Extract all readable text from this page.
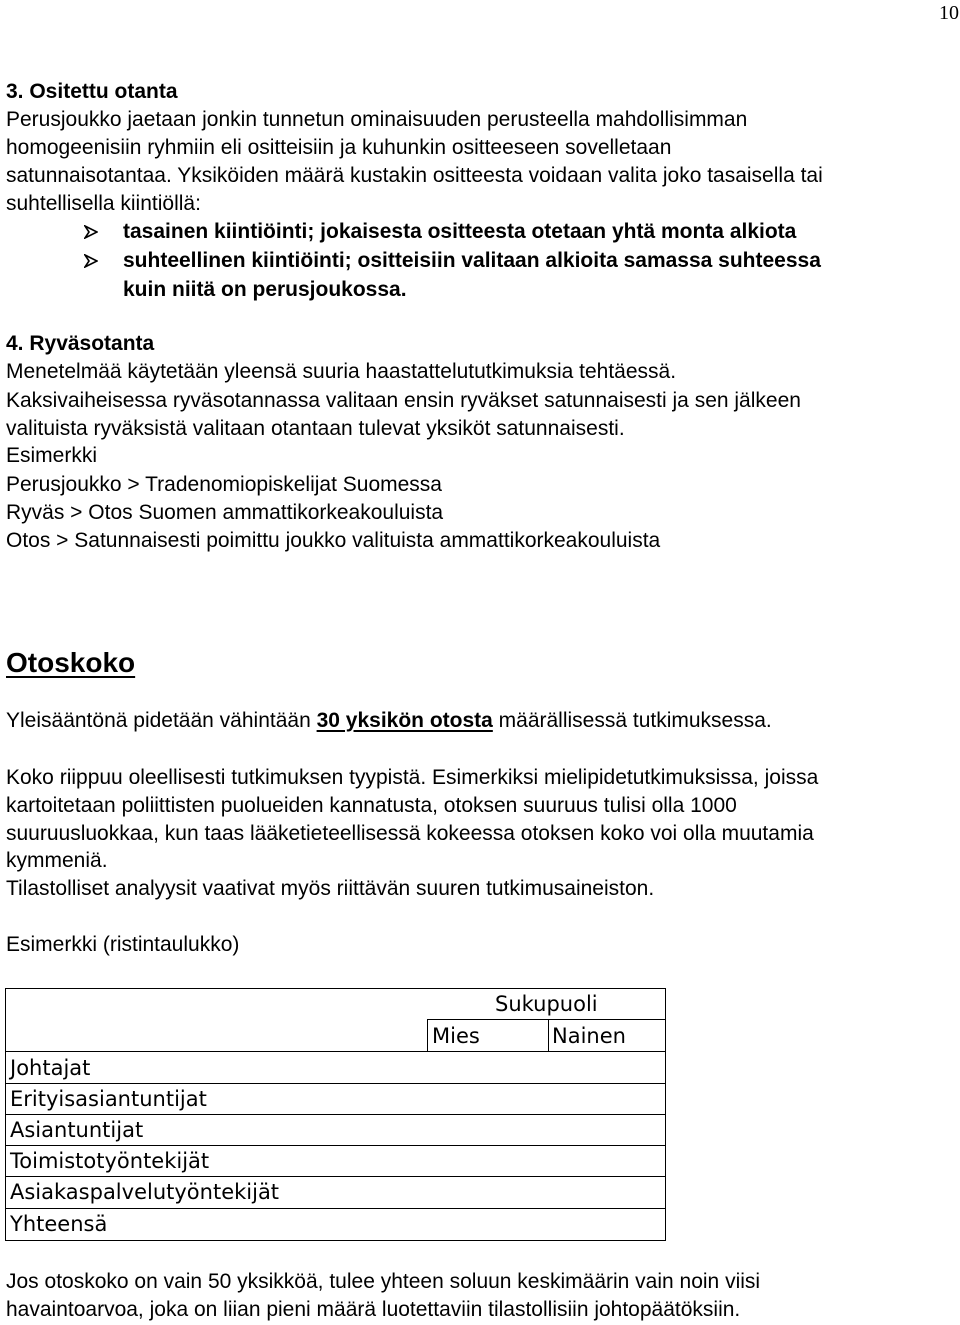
10
3. Ositettu otanta
Perusjoukko jaetaan jonkin tunnetun ominaisuuden perusteella mahdollisimman
homogeenisiin ryhmiin eli ositteisiin ja kuhunkin ositteeseen sovelletaan
satunnaisotantaa. Yksiköiden määrä kustakin ositteesta voidaan valita joko tasaisella tai
suhtellisella kiintiöllä:
tasainen kiintiöinti; jokaisesta ositteesta otetaan yhtä monta alkiota
suhteellinen kiintiöinti; ositteisiin valitaan alkioita samassa suhteessa
kuin niitä on perusjoukossa.
4. Ryväsotanta
Menetelmää käytetään yleensä suuria haastattelututkimuksia tehtäessä.
Kaksivaiheisessa ryväsotannassa valitaan ensin ryväkset satunnaisesti ja sen jälkeen
valituista ryväksistä valitaan otantaan tulevat yksiköt satunnaisesti.
Esimerkki
Perusjoukko > Tradenomiopiskelijat Suomessa
Ryväs > Otos Suomen ammattikorkeakouluista
Otos > Satunnaisesti poimittu joukko valituista ammattikorkeakouluista
Otoskoko
Yleisääntönä pidetään vähintään 30 yksikön otosta määrällisessä tutkimuksessa.
Koko riippuu oleellisesti tutkimuksen tyypistä. Esimerkiksi mielipidetutkimuksissa, joissa
kartoitetaan poliittisten puolueiden kannatusta, otoksen suuruus tulisi olla 1000
suuruusluokkaa, kun taas lääketieteellisessä kokeessa otoksen koko voi olla muutamia
kymmeniä.
Tilastolliset analyysit vaativat myös riittävän suuren tutkimusaineiston.
Esimerkki (ristintaulukko)
Sukupuoli
Mies	Nainen
Johtajat
Erityisasiantuntijat
Asiantuntijat
Toimistotyöntekijät
Asiakaspalvelutyöntekijät
Yhteensä
Jos otoskoko on vain 50 yksikköä, tulee yhteen soluun keskimäärin vain noin viisi
havaintoarvoa, joka on liian pieni määrä luotettaviin tilastollisiin johtopäätöksiin.
